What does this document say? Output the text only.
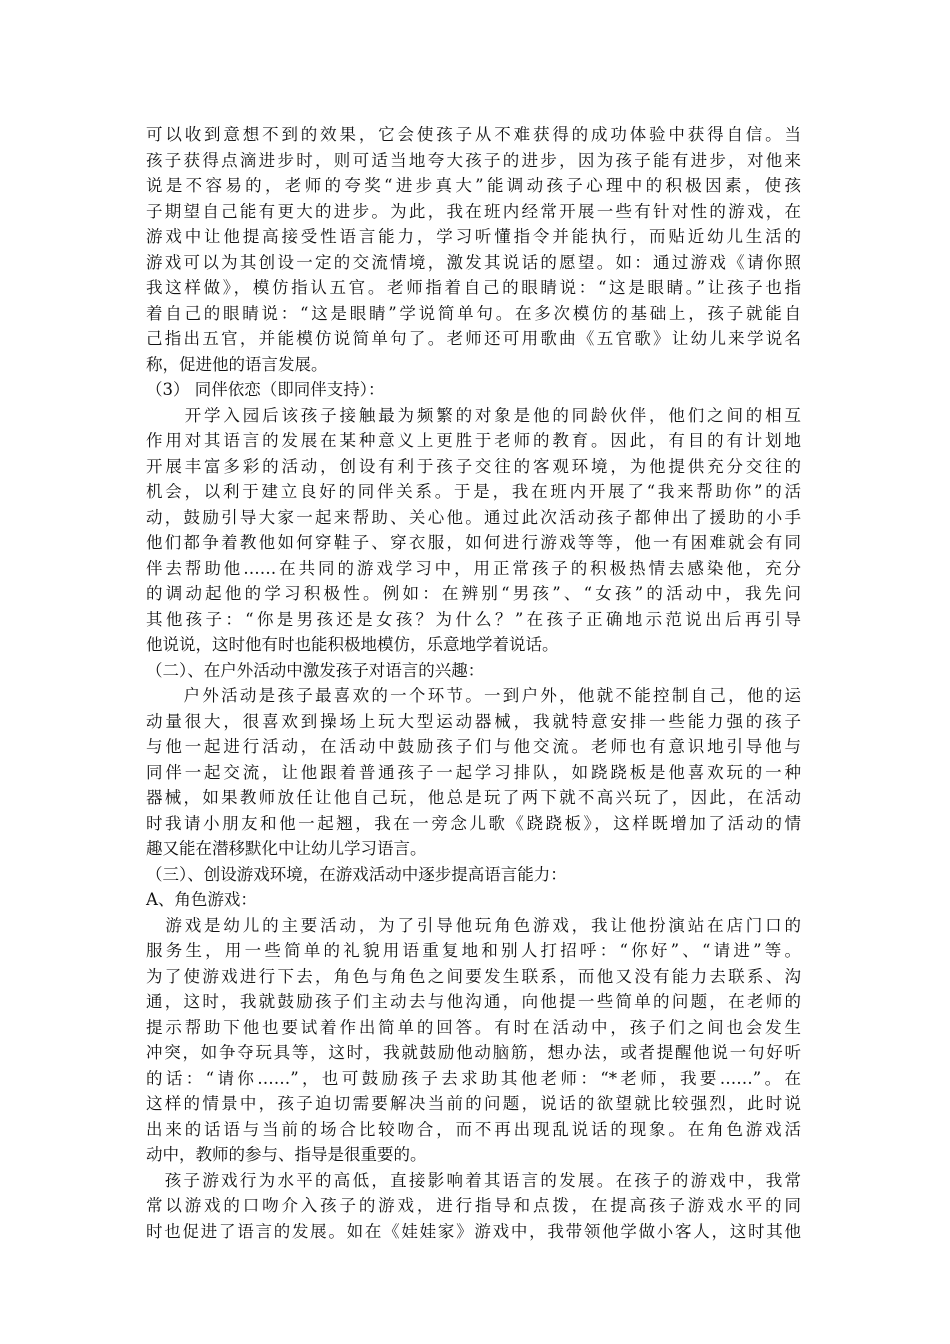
可以收到意想不到的效果，它会使孩子从不难获得的成功体验中获得自信。当
孩子获得点滴进步时，则可适当地夸大孩子的进步，因为孩子能有进步，对他来
说是不容易的，老师的夸奖“进步真大”能调动孩子心理中的积极因素，使孩
子期望自己能有更大的进步。为此，我在班内经常开展一些有针对性的游戏，在
游戏中让他提高接受性语言能力，学习听懂指令并能执行，而贴近幼儿生活的
游戏可以为其创设一定的交流情境，激发其说话的愿望。如：通过游戏《请你照
我这样做》，模仿指认五官。老师指着自己的眼睛说：“这是眼睛。”让孩子也指
着自己的眼睛说：“这是眼睛”学说简单句。在多次模仿的基础上，孩子就能自
己指出五官，并能模仿说简单句了。老师还可用歌曲《五官歌》让幼儿来学说名
称，促进他的语言发展。
（3） 同伴依恋（即同伴支持）：
　　开学入园后该孩子接触最为频繁的对象是他的同龄伙伴，他们之间的相互
作用对其语言的发展在某种意义上更胜于老师的教育。因此，有目的有计划地
开展丰富多彩的活动，创设有利于孩子交往的客观环境，为他提供充分交往的
机会，以利于建立良好的同伴关系。于是，我在班内开展了“我来帮助你”的活
动，鼓励引导大家一起来帮助、关心他。通过此次活动孩子都伸出了援助的小手
他们都争着教他如何穿鞋子、穿衣服，如何进行游戏等等，他一有困难就会有同
伴去帮助他……在共同的游戏学习中，用正常孩子的积极热情去感染他，充分
的调动起他的学习积极性。例如：在辨别“男孩”、“女孩”的活动中，我先问
其他孩子：“你是男孩还是女孩？为什么？”在孩子正确地示范说出后再引导
他说说，这时他有时也能积极地模仿，乐意地学着说话。
（二）、在户外活动中激发孩子对语言的兴趣：
　　户外活动是孩子最喜欢的一个环节。一到户外，他就不能控制自己，他的运
动量很大，很喜欢到操场上玩大型运动器械，我就特意安排一些能力强的孩子
与他一起进行活动，在活动中鼓励孩子们与他交流。老师也有意识地引导他与
同伴一起交流，让他跟着普通孩子一起学习排队，如跷跷板是他喜欢玩的一种
器械，如果教师放任让他自己玩，他总是玩了两下就不高兴玩了，因此，在活动
时我请小朋友和他一起翘，我在一旁念儿歌《跷跷板》，这样既增加了活动的情
趣又能在潜移默化中让幼儿学习语言。
（三）、创设游戏环境，在游戏活动中逐步提高语言能力：
A、角色游戏：
　游戏是幼儿的主要活动，为了引导他玩角色游戏，我让他扮演站在店门口的
服务生，用一些简单的礼貌用语重复地和别人打招呼：“你好”、“请进”等。
为了使游戏进行下去，角色与角色之间要发生联系，而他又没有能力去联系、沟
通，这时，我就鼓励孩子们主动去与他沟通，向他提一些简单的问题，在老师的
提示帮助下他也要试着作出简单的回答。有时在活动中，孩子们之间也会发生
冲突，如争夺玩具等，这时，我就鼓励他动脑筋，想办法，或者提醒他说一句好听
的话：“请你……”，也可鼓励孩子去求助其他老师：“*老师，我要……”。在
这样的情景中，孩子迫切需要解决当前的问题，说话的欲望就比较强烈，此时说
出来的话语与当前的场合比较吻合，而不再出现乱说话的现象。在角色游戏活
动中，教师的参与、指导是很重要的。
　孩子游戏行为水平的高低，直接影响着其语言的发展。在孩子的游戏中，我常
常以游戏的口吻介入孩子的游戏，进行指导和点拨，在提高孩子游戏水平的同
时也促进了语言的发展。如在《娃娃家》游戏中，我带领他学做小客人，这时其他
